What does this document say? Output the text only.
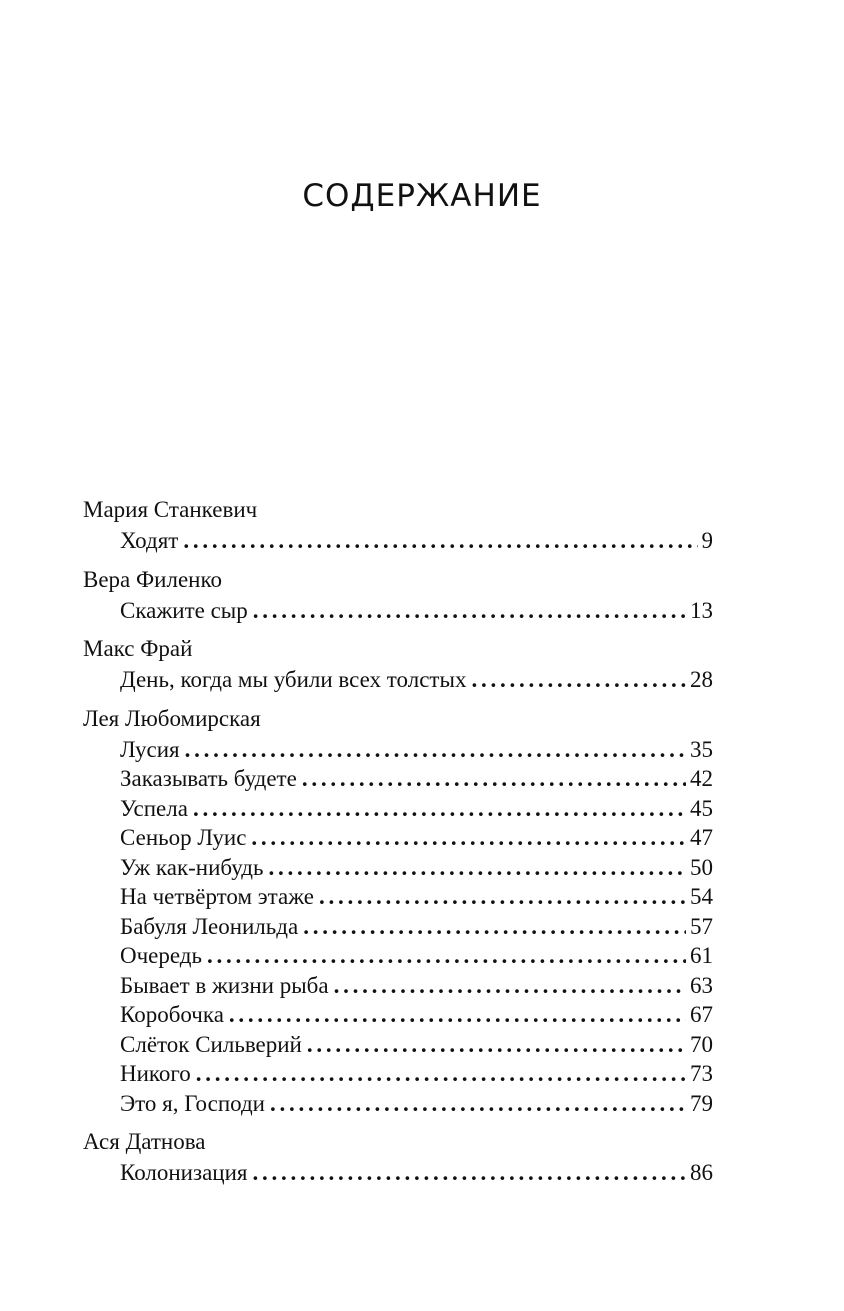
СОДЕРЖАНИЕ
Мария Станкевич
Ходят . . .	9
Вера Филенко
Скажите сыр . . .	13
Макс Фрай
День, когда мы убили всех толстых . . .	28
Лея Любомирская
Лусия . . .	35
Заказывать будете . . .	42
Успела . . .	45
Сеньор Луис . . .	47
Уж как-нибудь . . .	50
На четвёртом этаже . . .	54
Бабуля Леонильда . . .	57
Очередь . . .	61
Бывает в жизни рыба . . .	63
Коробочка . . .	67
Слёток Сильверий . . .	70
Никого . . .	73
Это я, Господи . . .	79
Ася Датнова
Колонизация . . .	86
